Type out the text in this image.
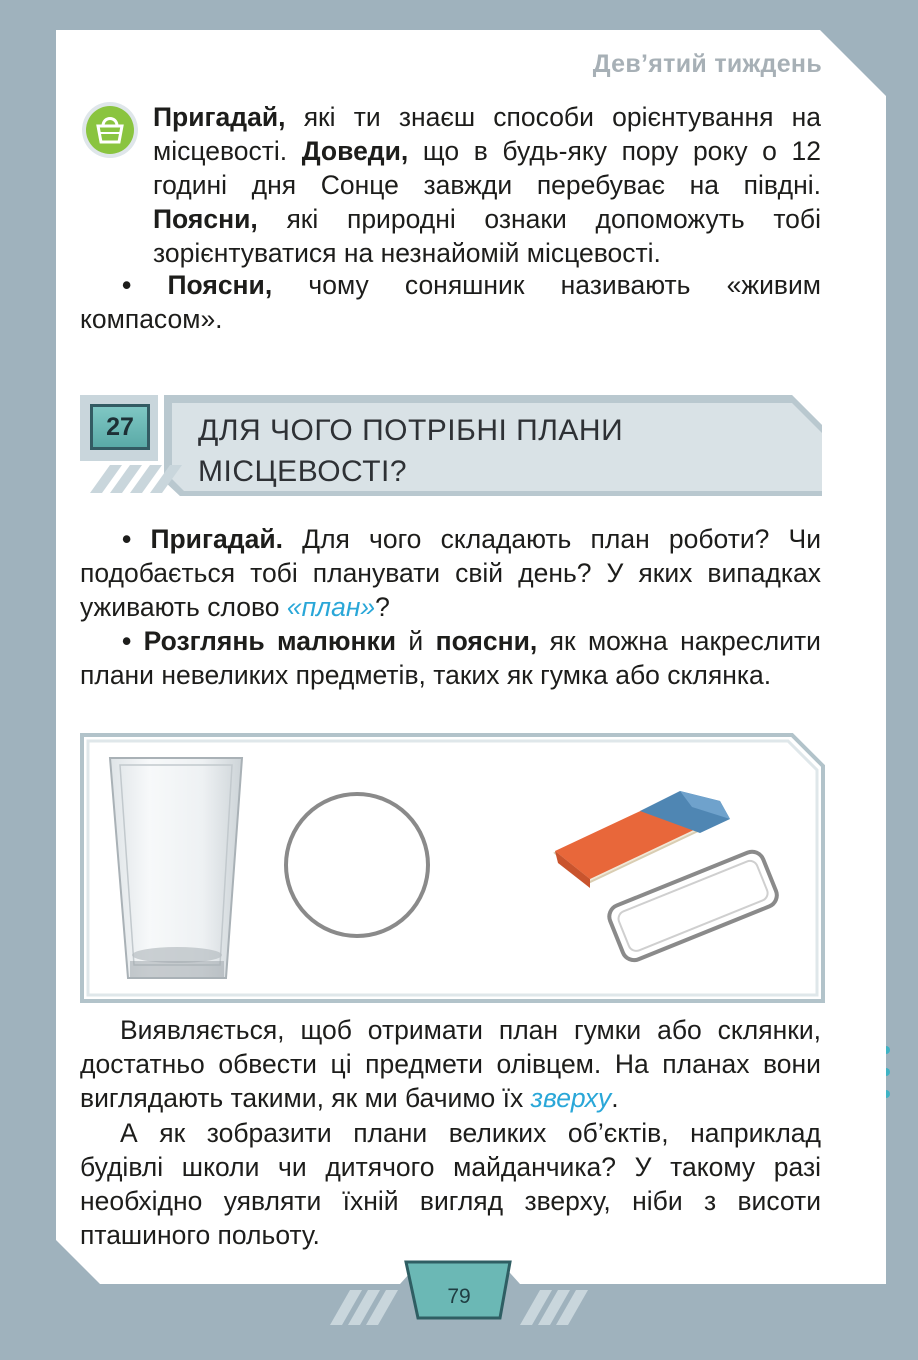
Дев’ятий тиждень

Пригадай, які ти знаєш способи орієнтування на місцевості. Доведи, що в будь-яку пору року о 12 годині дня Сонце завжди перебуває на півдні. Поясни, які природні ознаки допоможуть тобі зорієнтуватися на незнайомій місцевості.

• Поясни, чому соняшник називають «живим компасом».

27	ДЛЯ ЧОГО ПОТРІБНІ ПЛАНИ
МІСЦЕВОСТІ?

• Пригадай. Для чого складають план роботи? Чи подобається тобі планувати свій день? У яких випадках уживають слово «план»?

• Розглянь малюнки й поясни, як можна накреслити плани невеликих предметів, таких як гумка або склянка.

Виявляється, щоб отримати план гумки або склянки, достатньо обвести ці предмети олівцем. На планах вони виглядають такими, як ми бачимо їх зверху.

А як зобразити плани великих об’єктів, наприклад будівлі школи чи дитячого майданчика? У такому разі необхідно уявляти їхній вигляд зверху, ніби з висоти пташиного польоту.

79
